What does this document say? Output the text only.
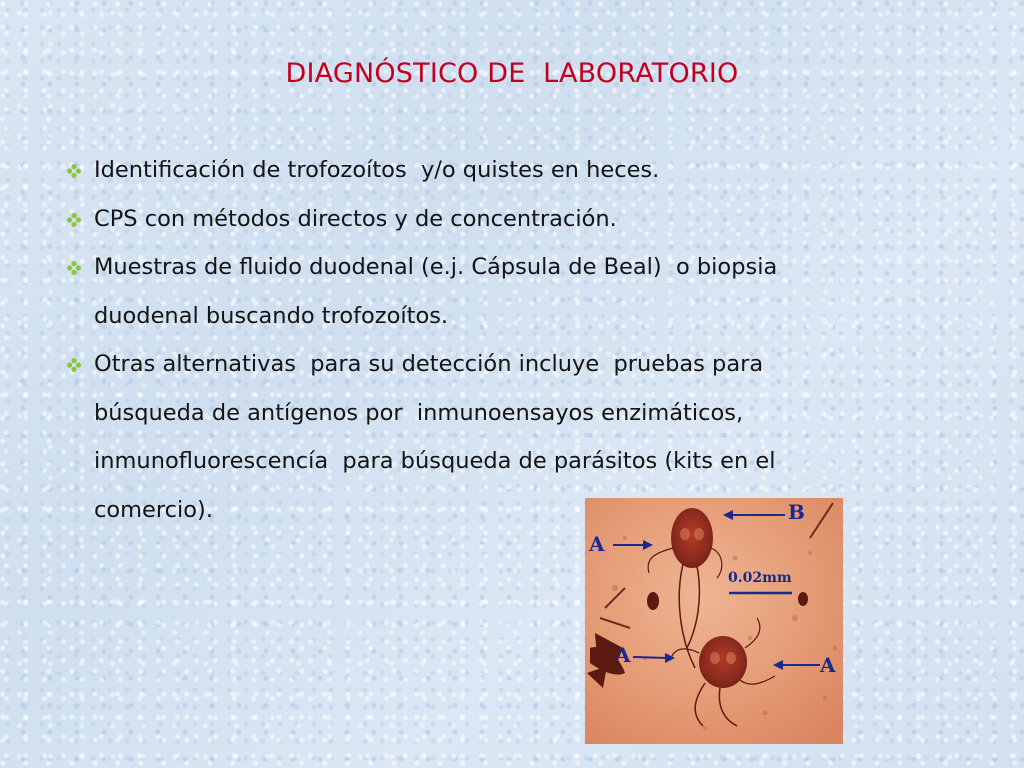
DIAGNÓSTICO DE  LABORATORIO
Identificación de trofozoítos  y/o quistes en heces.
CPS con métodos directos y de concentración.
Muestras de fluido duodenal (e.j. Cápsula de Beal)  o biopsia
duodenal buscando trofozoítos.
Otras alternativas  para su detección incluye  pruebas para
búsqueda de antígenos por  inmunoensayos enzimáticos,
inmunofluorescencía  para búsqueda de parásitos (kits en el
comercio).	B
A
A	A
0.02mm
